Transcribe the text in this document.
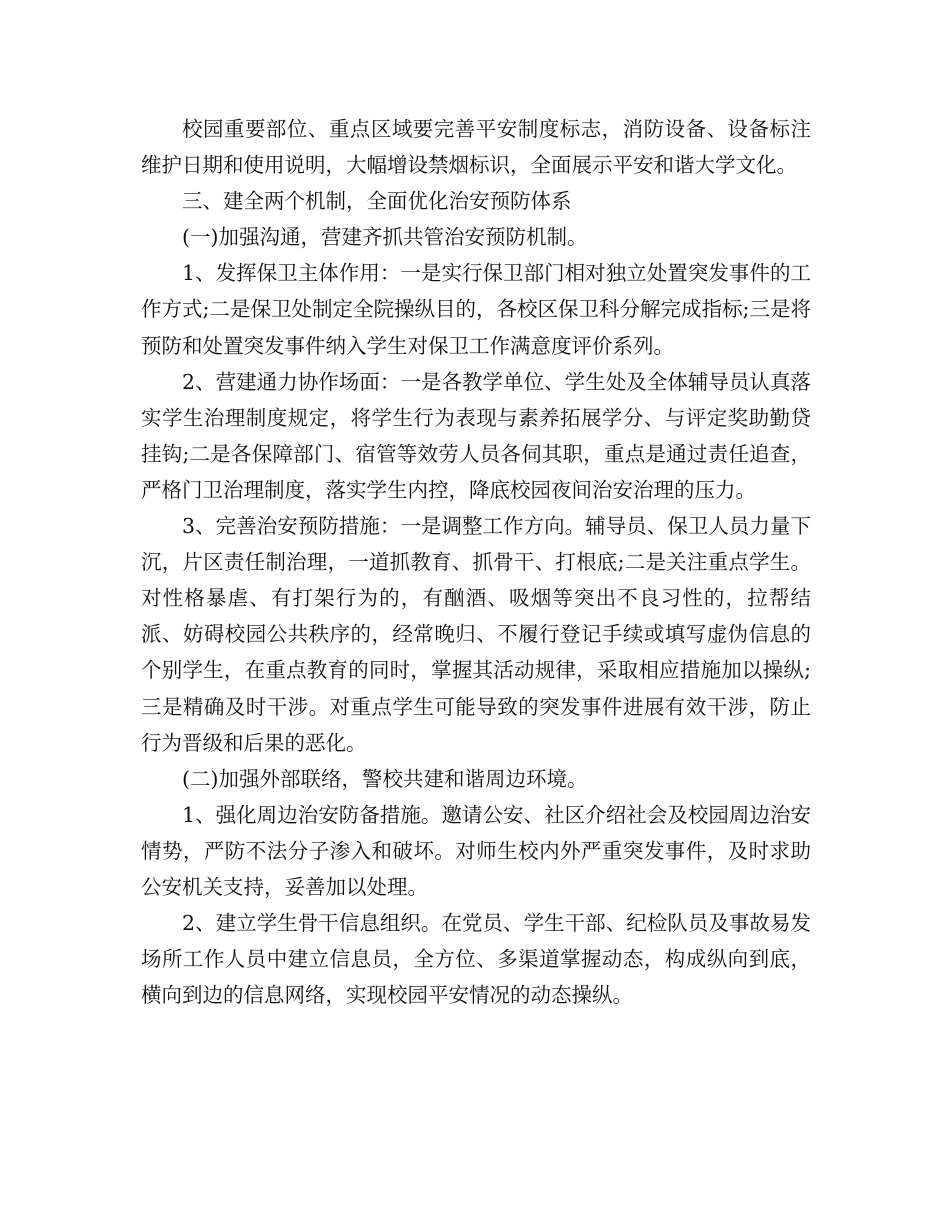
校园重要部位、重点区域要完善平安制度标志，消防设备、设备标注维护日期和使用说明，大幅增设禁烟标识，全面展示平安和谐大学文化。

三、建全两个机制，全面优化治安预防体系

(一)加强沟通，营建齐抓共管治安预防机制。

1、发挥保卫主体作用：一是实行保卫部门相对独立处置突发事件的工作方式;二是保卫处制定全院操纵目的，各校区保卫科分解完成指标;三是将预防和处置突发事件纳入学生对保卫工作满意度评价系列。

2、营建通力协作场面：一是各教学单位、学生处及全体辅导员认真落实学生治理制度规定，将学生行为表现与素养拓展学分、与评定奖助勤贷挂钩;二是各保障部门、宿管等效劳人员各伺其职，重点是通过责任追查，严格门卫治理制度，落实学生内控，降底校园夜间治安治理的压力。

3、完善治安预防措施：一是调整工作方向。辅导员、保卫人员力量下沉，片区责任制治理，一道抓教育、抓骨干、打根底;二是关注重点学生。对性格暴虐、有打架行为的，有酗酒、吸烟等突出不良习性的，拉帮结派、妨碍校园公共秩序的，经常晚归、不履行登记手续或填写虚伪信息的个别学生，在重点教育的同时，掌握其活动规律，采取相应措施加以操纵;三是精确及时干涉。对重点学生可能导致的突发事件进展有效干涉，防止行为晋级和后果的恶化。

(二)加强外部联络，警校共建和谐周边环境。

1、强化周边治安防备措施。邀请公安、社区介绍社会及校园周边治安情势，严防不法分子渗入和破坏。对师生校内外严重突发事件，及时求助公安机关支持，妥善加以处理。

2、建立学生骨干信息组织。在党员、学生干部、纪检队员及事故易发场所工作人员中建立信息员，全方位、多渠道掌握动态，构成纵向到底，横向到边的信息网络，实现校园平安情况的动态操纵。
